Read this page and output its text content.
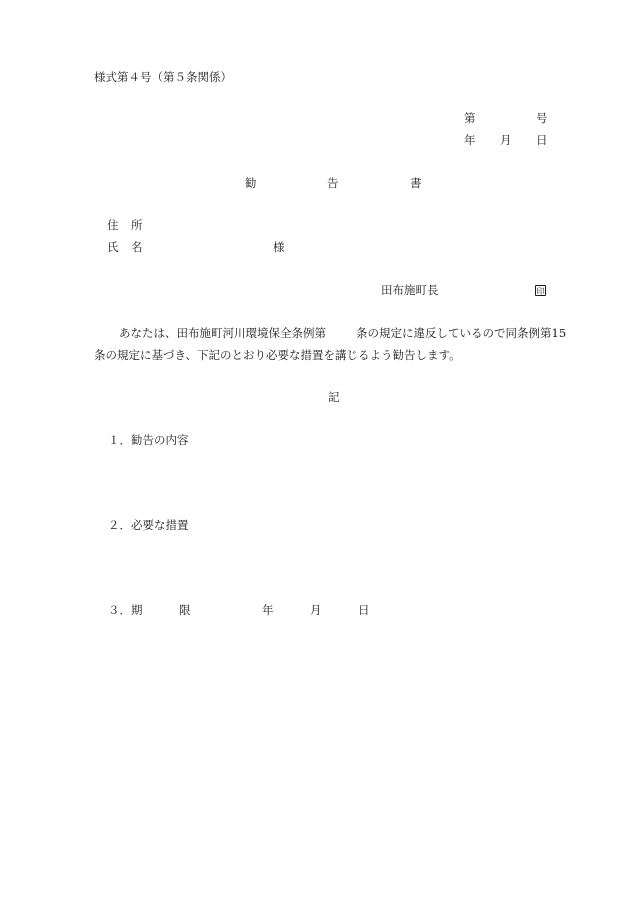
様式第４号（第５条関係）
第	号
年 月 日
勧	告	書
住 所
氏 名	様
田布施町長	印
あなたは、田布施町河川環境保全条例第	条の規定に違反しているので同条例第15
条の規定に基づき、下記のとおり必要な措置を講じるよう勧告します。
記
１． 勧告の内容
２． 必要な措置
３． 期	限	年	月	日
